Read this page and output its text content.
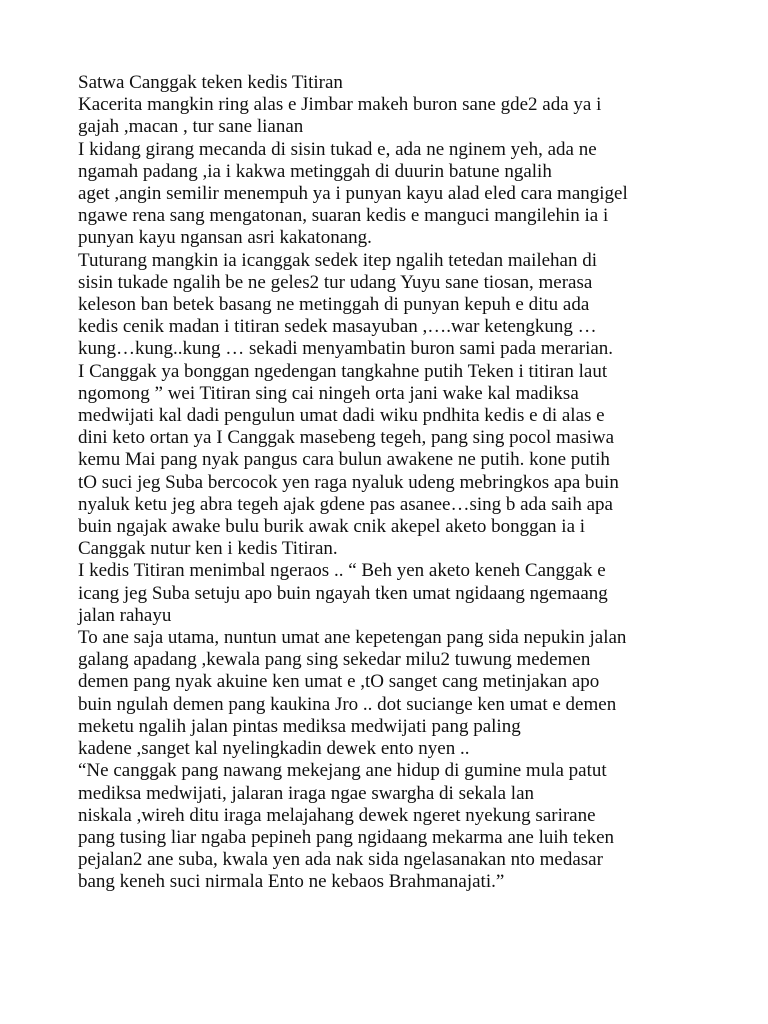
Satwa Canggak teken kedis Titiran
Kacerita mangkin ring alas e Jimbar makeh buron sane gde2 ada ya i
gajah ,macan , tur sane lianan
I kidang girang mecanda di sisin tukad e, ada ne nginem yeh, ada ne
ngamah padang ,ia i kakwa metinggah di duurin batune ngalih
aget ,angin semilir menempuh ya i punyan kayu alad eled cara mangigel
ngawe rena sang mengatonan, suaran kedis e manguci mangilehin ia i
punyan kayu ngansan asri kakatonang.
Tuturang mangkin ia icanggak sedek itep ngalih tetedan mailehan di
sisin tukade ngalih be ne geles2 tur udang Yuyu sane tiosan, merasa
keleson ban betek basang ne metinggah di punyan kepuh e ditu ada
kedis cenik madan i titiran sedek masayuban ,….war ketengkung …
kung…kung..kung … sekadi menyambatin buron sami pada merarian.
I Canggak ya bonggan ngedengan tangkahne putih Teken i titiran laut
ngomong ” wei Titiran sing cai ningeh orta jani wake kal madiksa
medwijati kal dadi pengulun umat dadi wiku pndhita kedis e di alas e
dini keto ortan ya I Canggak masebeng tegeh, pang sing pocol masiwa
kemu Mai pang nyak pangus cara bulun awakene ne putih. kone putih
tO suci jeg Suba bercocok yen raga nyaluk udeng mebringkos apa buin
nyaluk ketu jeg abra tegeh ajak gdene pas asanee…sing b ada saih apa
buin ngajak awake bulu burik awak cnik akepel aketo bonggan ia i
Canggak nutur ken i kedis Titiran.
I kedis Titiran menimbal ngeraos .. “ Beh yen aketo keneh Canggak e
icang jeg Suba setuju apo buin ngayah tken umat ngidaang ngemaang
jalan rahayu
To ane saja utama, nuntun umat ane kepetengan pang sida nepukin jalan
galang apadang ,kewala pang sing sekedar milu2 tuwung medemen
demen pang nyak akuine ken umat e ,tO sanget cang metinjakan apo
buin ngulah demen pang kaukina Jro .. dot suciange ken umat e demen
meketu ngalih jalan pintas mediksa medwijati pang paling
kadene ,sanget kal nyelingkadin dewek ento nyen ..
“Ne canggak pang nawang mekejang ane hidup di gumine mula patut
mediksa medwijati, jalaran iraga ngae swargha di sekala lan
niskala ,wireh ditu iraga melajahang dewek ngeret nyekung sarirane
pang tusing liar ngaba pepineh pang ngidaang mekarma ane luih teken
pejalan2 ane suba, kwala yen ada nak sida ngelasanakan nto medasar
bang keneh suci nirmala Ento ne kebaos Brahmanajati.”
